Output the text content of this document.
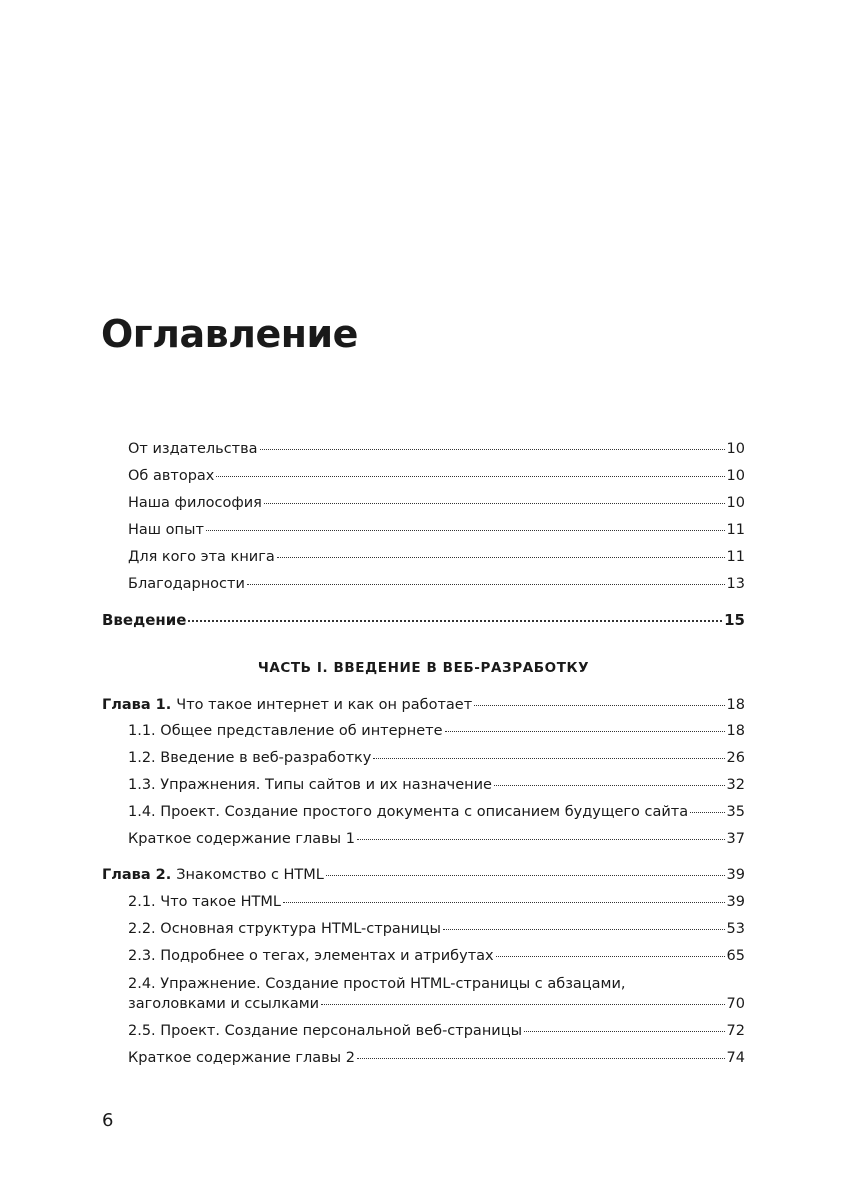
Оглавление
От издательства	10
Об авторах	10
Наша философия	10
Наш опыт	11
Для кого эта книга	11
Благодарности	13
Введение	15
ЧАСТЬ I. ВВЕДЕНИЕ В ВЕБ-РАЗРАБОТКУ
Глава 1. Что такое интернет и как он работает	18
1.1. Общее представление об интернете	18
1.2. Введение в веб-разработку	26
1.3. Упражнения. Типы сайтов и их назначение	32
1.4. Проект. Создание простого документа с описанием будущего сайта	35
Краткое содержание главы 1	37
Глава 2. Знакомство с HTML	39
2.1. Что такое HTML	39
2.2. Основная структура HTML-страницы	53
2.3. Подробнее о тегах, элементах и атрибутах	65
2.4. Упражнение. Создание простой HTML-страницы с абзацами,
заголовками и ссылками	70
2.5. Проект. Создание персональной веб-страницы	72
Краткое содержание главы 2	74
6
